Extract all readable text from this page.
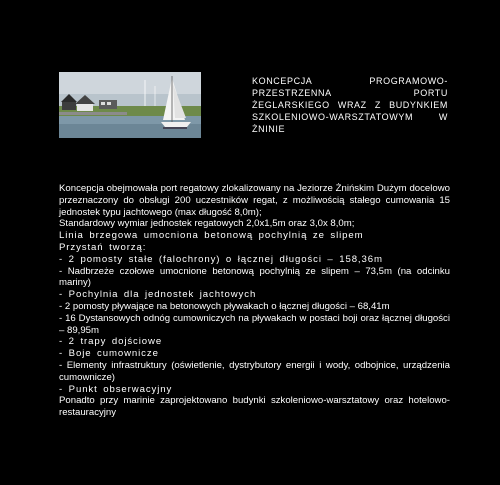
KONCEPCJA PROGRAMOWO-PRZESTRZENNA PORTU ŻEGLARSKIEGO WRAZ Z BUDYNKIEM SZKOLENIOWO-WARSZTATOWYM W ŻNINIE

Koncepcja obejmowała port regatowy zlokalizowany na Jeziorze Żnińskim Dużym docelowo przeznaczony do obsługi 200 uczestników regat, z możliwością stałego cumowania 15 jednostek typu jachtowego (max długość 8,0m);

Standardowy wymiar jednostek regatowych 2,0x1,5m oraz 3,0x 8,0m;

Linia brzegowa umocniona betonową pochylnią ze slipem

Przystań tworzą:

- 2 pomosty stałe (falochrony) o łącznej długości – 158,36m

- Nadbrzeże czołowe umocnione betonową pochylnią ze slipem – 73,5m (na odcinku mariny)

- Pochylnia dla jednostek jachtowych

- 2 pomosty pływające na betonowych pływakach o łącznej długości – 68,41m

- 16 Dystansowych odnóg cumowniczych na pływakach w postaci boji oraz łącznej długości – 89,95m

- 2 trapy dojściowe

- Boje cumownicze

- Elementy infrastruktury (oświetlenie, dystrybutory energii i wody, odbojnice, urządzenia cumownicze)

- Punkt obserwacyjny

Ponadto przy marinie zaprojektowano budynki szkoleniowo-warsztatowy oraz hotelowo-restauracyjny
